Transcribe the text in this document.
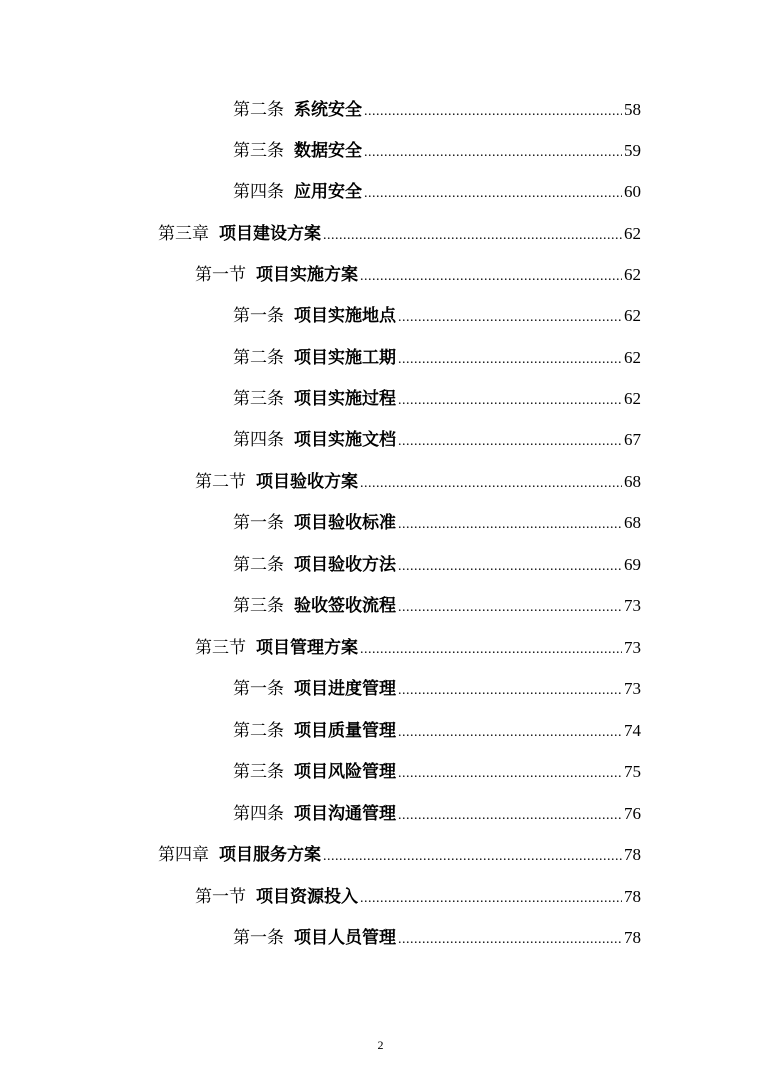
第二条 系统安全 .....	58
第三条 数据安全 .....	59
第四条 应用安全 .....	60
第三章 项目建设方案 .....	62
第一节 项目实施方案 .....	62
第一条 项目实施地点 .....	62
第二条 项目实施工期 .....	62
第三条 项目实施过程 .....	62
第四条 项目实施文档 .....	67
第二节 项目验收方案 .....	68
第一条 项目验收标准 .....	68
第二条 项目验收方法 .....	69
第三条 验收签收流程 .....	73
第三节 项目管理方案 .....	73
第一条 项目进度管理 .....	73
第二条 项目质量管理 .....	74
第三条 项目风险管理 .....	75
第四条 项目沟通管理 .....	76
第四章 项目服务方案 .....	78
第一节 项目资源投入 .....	78
第一条 项目人员管理 .....	78
2
